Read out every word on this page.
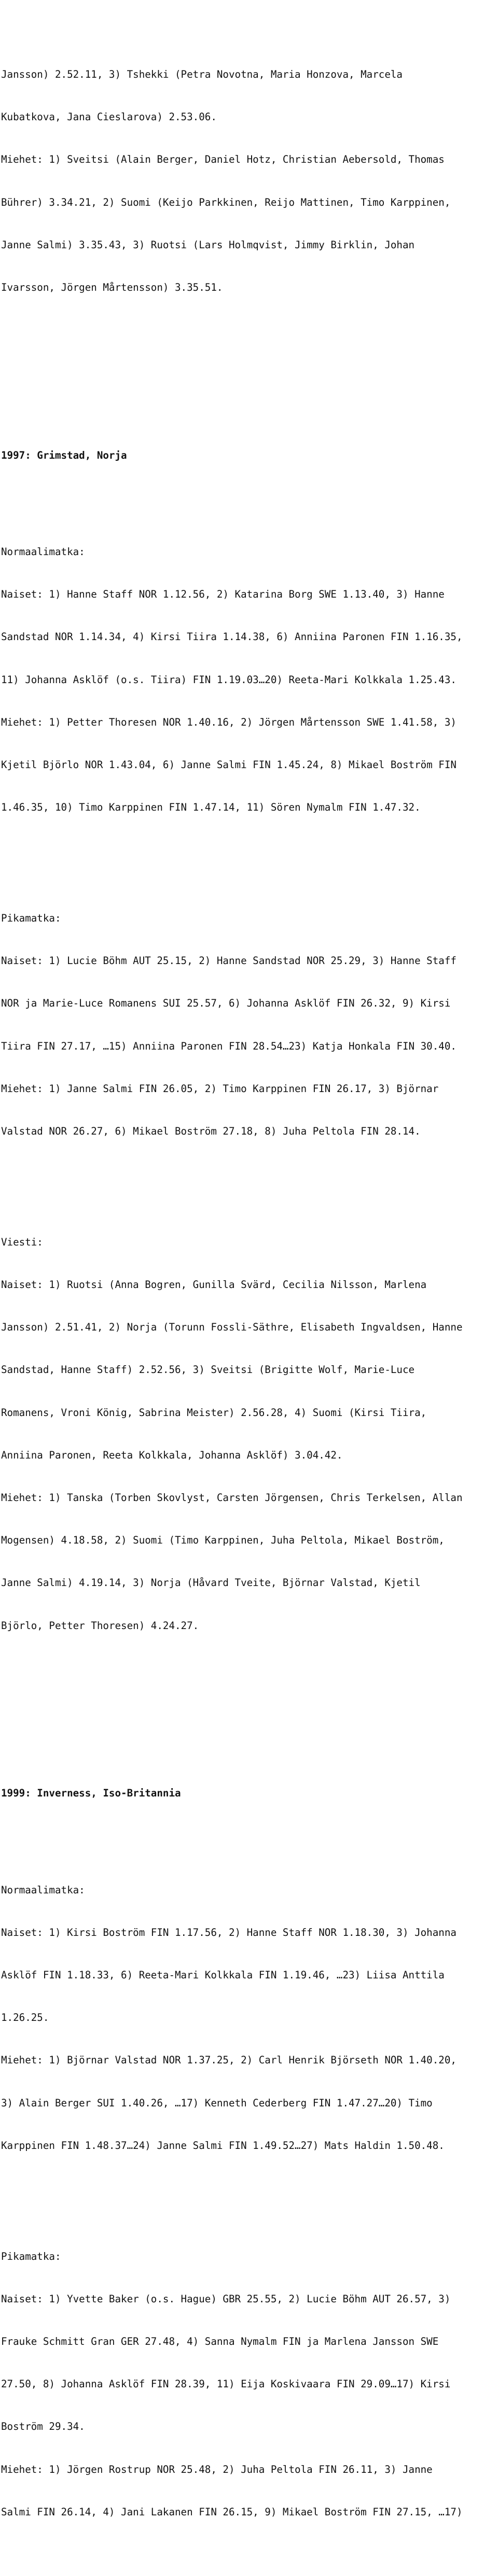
Jansson) 2.52.11, 3) Tshekki (Petra Novotna, Maria Honzova, Marcela

Kubatkova, Jana Cieslarova) 2.53.06.

Miehet: 1) Sveitsi (Alain Berger, Daniel Hotz, Christian Aebersold, Thomas

Bührer) 3.34.21, 2) Suomi (Keijo Parkkinen, Reijo Mattinen, Timo Karppinen,

Janne Salmi) 3.35.43, 3) Ruotsi (Lars Holmqvist, Jimmy Birklin, Johan

Ivarsson, Jörgen Mårtensson) 3.35.51.

1997: Grimstad, Norja

Normaalimatka:

Naiset: 1) Hanne Staff NOR 1.12.56, 2) Katarina Borg SWE 1.13.40, 3) Hanne

Sandstad NOR 1.14.34, 4) Kirsi Tiira 1.14.38, 6) Anniina Paronen FIN 1.16.35,

11) Johanna Asklöf (o.s. Tiira) FIN 1.19.03…20) Reeta-Mari Kolkkala 1.25.43.

Miehet: 1) Petter Thoresen NOR 1.40.16, 2) Jörgen Mårtensson SWE 1.41.58, 3)

Kjetil Björlo NOR 1.43.04, 6) Janne Salmi FIN 1.45.24, 8) Mikael Boström FIN

1.46.35, 10) Timo Karppinen FIN 1.47.14, 11) Sören Nymalm FIN 1.47.32.

Pikamatka:

Naiset: 1) Lucie Böhm AUT 25.15, 2) Hanne Sandstad NOR 25.29, 3) Hanne Staff

NOR ja Marie-Luce Romanens SUI 25.57, 6) Johanna Asklöf FIN 26.32, 9) Kirsi

Tiira FIN 27.17, …15) Anniina Paronen FIN 28.54…23) Katja Honkala FIN 30.40.

Miehet: 1) Janne Salmi FIN 26.05, 2) Timo Karppinen FIN 26.17, 3) Björnar

Valstad NOR 26.27, 6) Mikael Boström 27.18, 8) Juha Peltola FIN 28.14.

Viesti:

Naiset: 1) Ruotsi (Anna Bogren, Gunilla Svärd, Cecilia Nilsson, Marlena

Jansson) 2.51.41, 2) Norja (Torunn Fossli-Säthre, Elisabeth Ingvaldsen, Hanne

Sandstad, Hanne Staff) 2.52.56, 3) Sveitsi (Brigitte Wolf, Marie-Luce

Romanens, Vroni König, Sabrina Meister) 2.56.28, 4) Suomi (Kirsi Tiira,

Anniina Paronen, Reeta Kolkkala, Johanna Asklöf) 3.04.42.

Miehet: 1) Tanska (Torben Skovlyst, Carsten Jörgensen, Chris Terkelsen, Allan

Mogensen) 4.18.58, 2) Suomi (Timo Karppinen, Juha Peltola, Mikael Boström,

Janne Salmi) 4.19.14, 3) Norja (Håvard Tveite, Björnar Valstad, Kjetil

Björlo, Petter Thoresen) 4.24.27.

1999: Inverness, Iso-Britannia

Normaalimatka:

Naiset: 1) Kirsi Boström FIN 1.17.56, 2) Hanne Staff NOR 1.18.30, 3) Johanna

Asklöf FIN 1.18.33, 6) Reeta-Mari Kolkkala FIN 1.19.46, …23) Liisa Anttila

1.26.25.

Miehet: 1) Björnar Valstad NOR 1.37.25, 2) Carl Henrik Björseth NOR 1.40.20,

3) Alain Berger SUI 1.40.26, …17) Kenneth Cederberg FIN 1.47.27…20) Timo

Karppinen FIN 1.48.37…24) Janne Salmi FIN 1.49.52…27) Mats Haldin 1.50.48.

Pikamatka:

Naiset: 1) Yvette Baker (o.s. Hague) GBR 25.55, 2) Lucie Böhm AUT 26.57, 3)

Frauke Schmitt Gran GER 27.48, 4) Sanna Nymalm FIN ja Marlena Jansson SWE

27.50, 8) Johanna Asklöf FIN 28.39, 11) Eija Koskivaara FIN 29.09…17) Kirsi

Boström 29.34.

Miehet: 1) Jörgen Rostrup NOR 25.48, 2) Juha Peltola FIN 26.11, 3) Janne

Salmi FIN 26.14, 4) Jani Lakanen FIN 26.15, 9) Mikael Boström FIN 27.15, …17)
